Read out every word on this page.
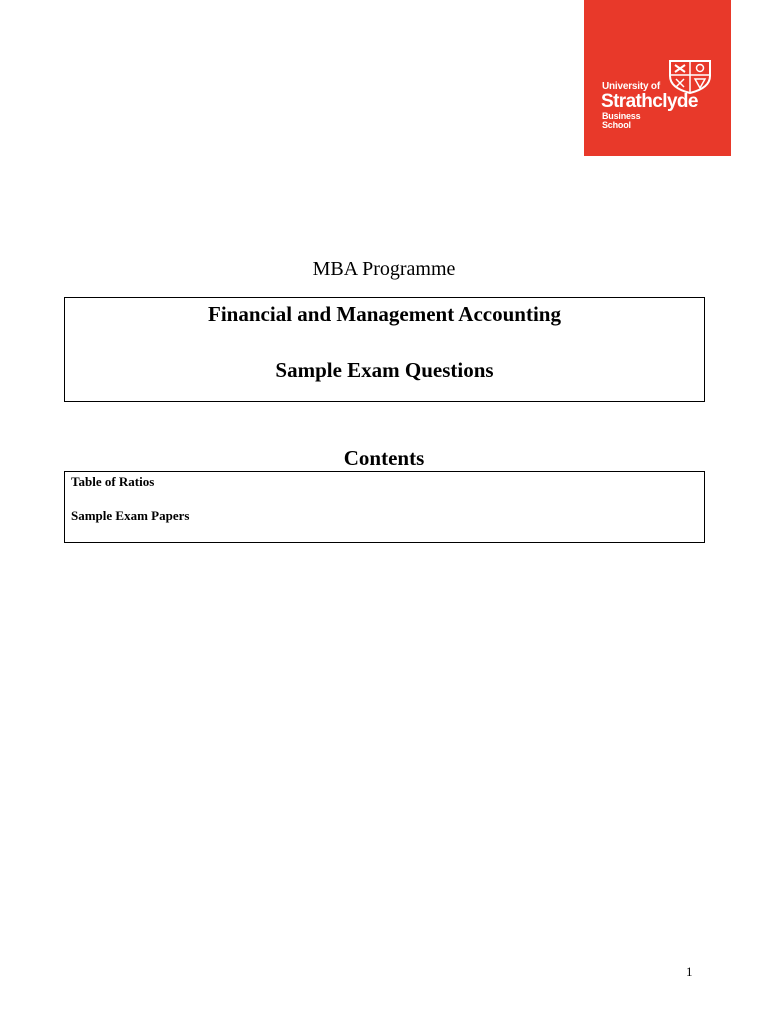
University of
Strathclyde
Business
School
MBA Programme
Financial and Management Accounting
Sample Exam Questions
Contents
Table of Ratios
Sample Exam Papers
1
